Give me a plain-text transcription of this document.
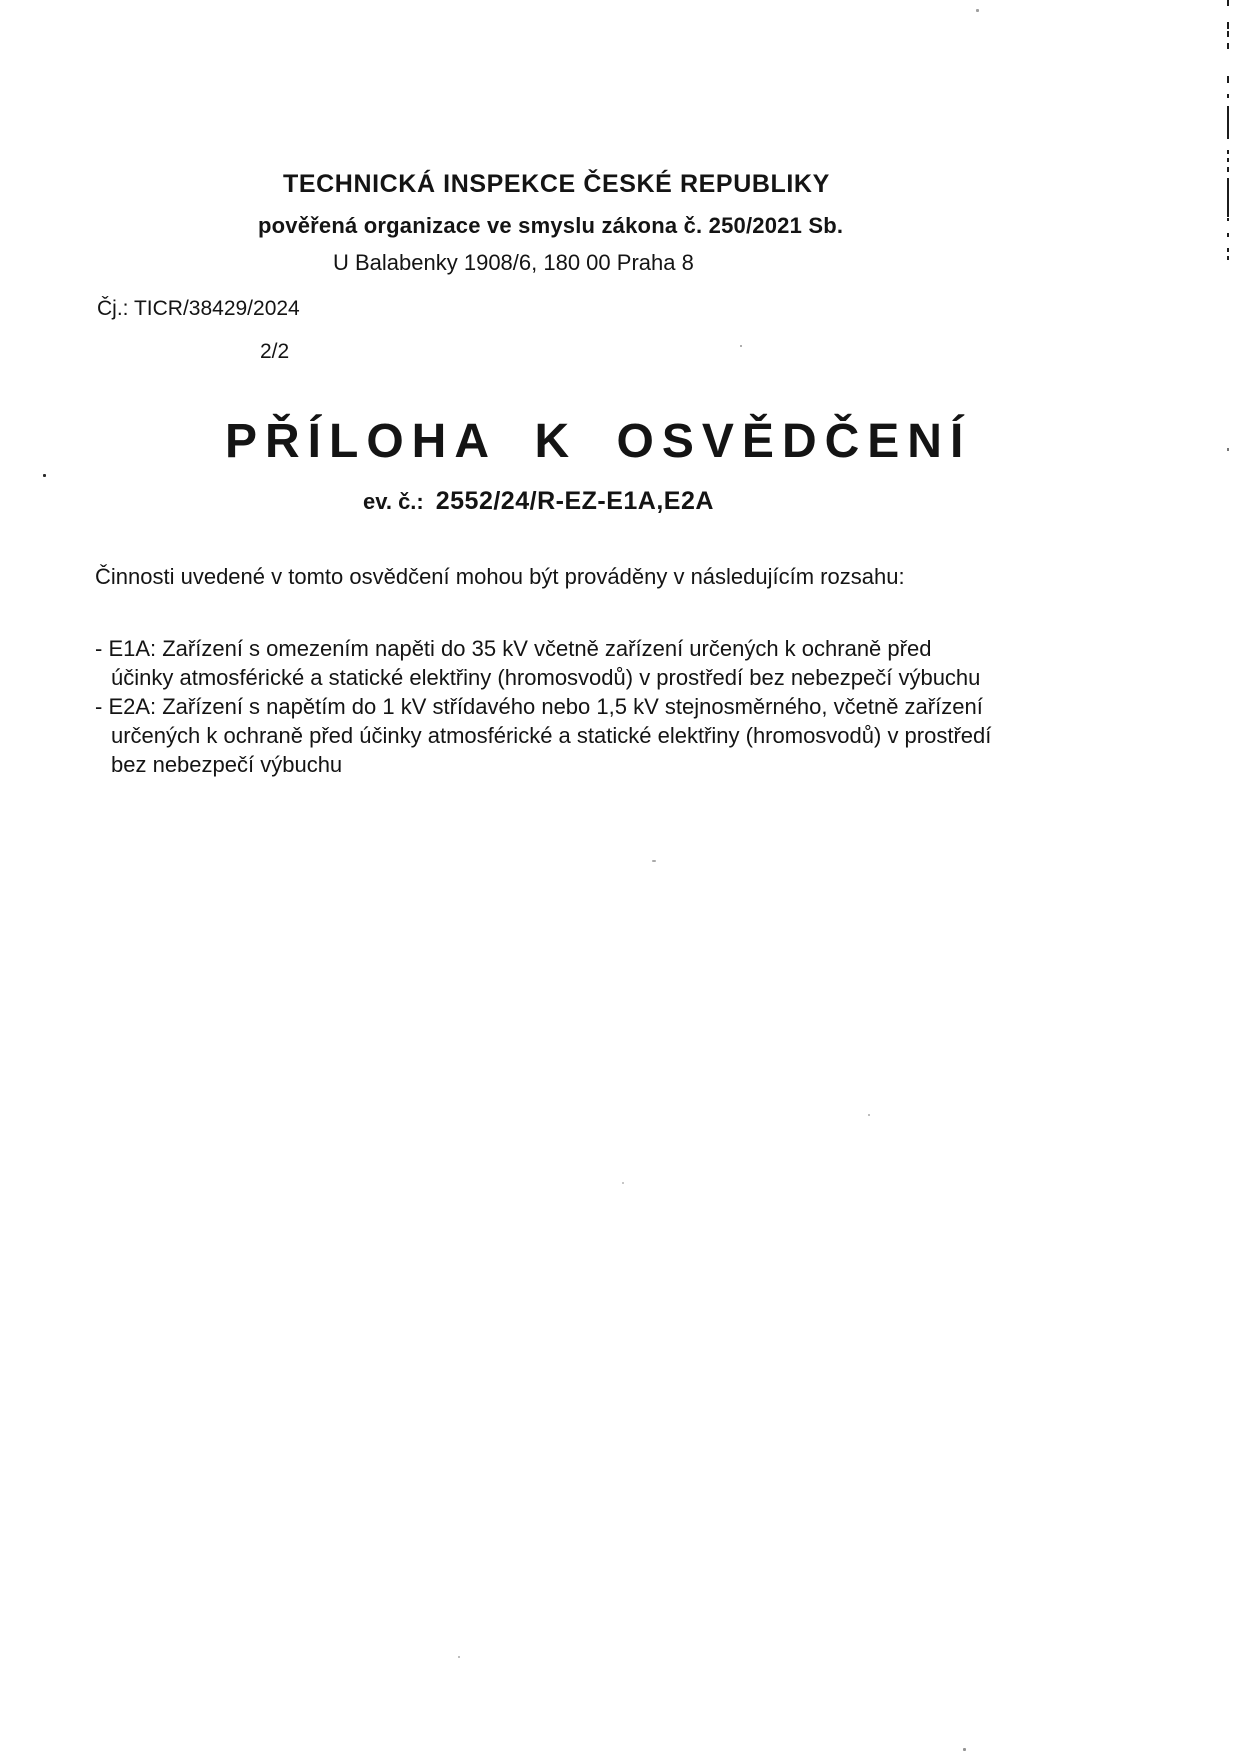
TECHNICKÁ INSPEKCE ČESKÉ REPUBLIKY
pověřená organizace ve smyslu zákona č. 250/2021 Sb.
U Balabenky 1908/6, 180 00 Praha 8
Čj.: TICR/38429/2024
2/2
PŘÍLOHA K OSVĚDČENÍ
ev. č.: 2552/24/R-EZ-E1A,E2A
Činnosti uvedené v tomto osvědčení mohou být prováděny v následujícím rozsahu:
- E1A: Zařízení s omezením napěti do 35 kV včetně zařízení určených k ochraně před
účinky atmosférické a statické elektřiny (hromosvodů) v prostředí bez nebezpečí výbuchu
- E2A: Zařízení s napětím do 1 kV střídavého nebo 1,5 kV stejnosměrného, včetně zařízení
určených k ochraně před účinky atmosférické a statické elektřiny (hromosvodů) v prostředí
bez nebezpečí výbuchu
